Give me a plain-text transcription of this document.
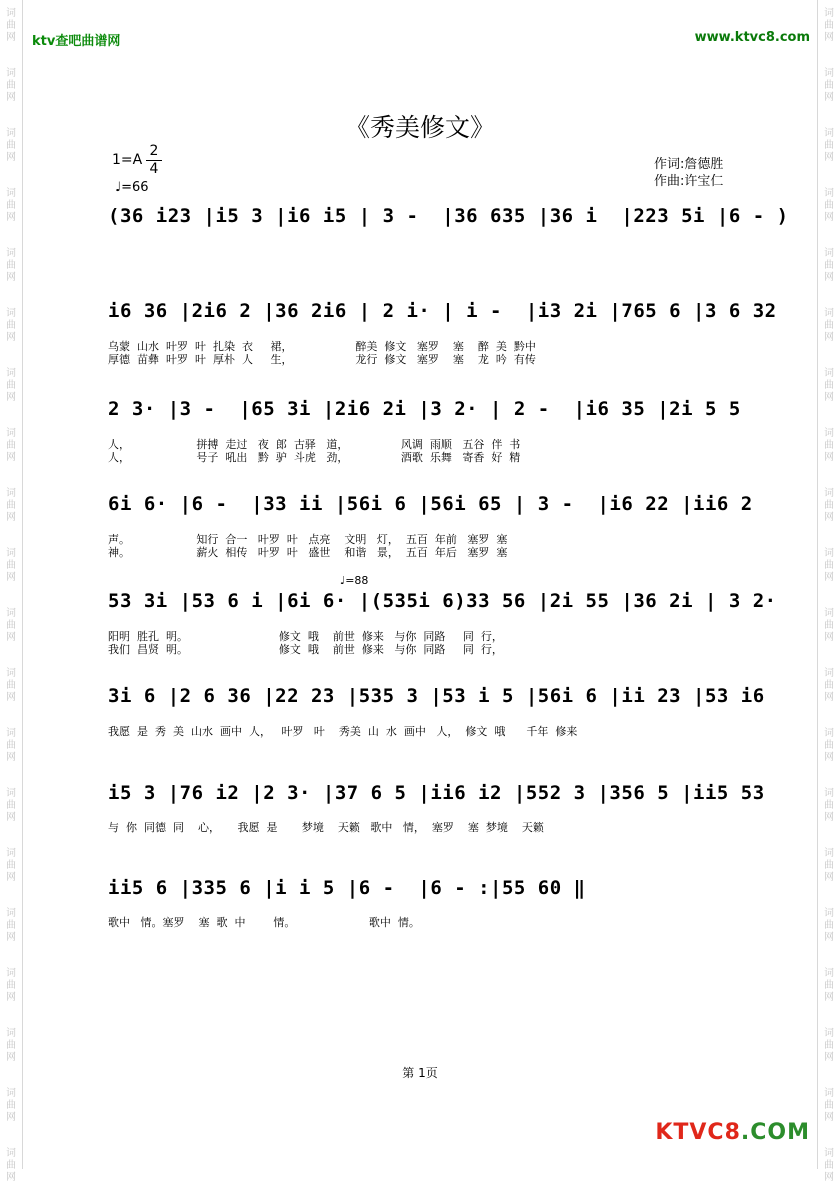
词曲网
词曲网
词曲网
词曲网
词曲网
词曲网
词曲网
词曲网
词曲网
词曲网
词曲网
词曲网
词曲网
词曲网
词曲网
词曲网
词曲网
词曲网
词曲网
词曲网
词曲网
词曲网
词曲网
词曲网
词曲网
词曲网
词曲网
词曲网
词曲网
词曲网
词曲网
词曲网
词曲网
词曲网
词曲网
词曲网
词曲网
词曲网
词曲网
词曲网
ktv查吧曲谱网	www.ktvc8.com
《秀美修文》
1=A
2
4
♩=66
作词:詹德胜
作曲:许宝仁
(36 i23 |i5 3 |i6 i5 | 3 -  |36 635 |36 i  |223 5i |6 - )
i6 36 |2i6 2 |36 2i6 | 2 i· | i -  |i3 2i |765 6 |3 6 32
乌蒙  山水  叶罗  叶  扎染  衣     裙，                  醉美  修文   塞罗    塞    醉  美  黔中
厚德  苗彝  叶罗  叶  厚朴  人     生，                  龙行  修文   塞罗    塞    龙  吟  有传
2 3· |3 -  |65 3i |2i6 2i |3 2· | 2 -  |i6 35 |2i 5 5
人，                   拼搏  走过   夜  郎  古驿   道，               风调  雨顺   五谷  伴  书
人，                   号子  吼出   黔  驴  斗虎   劲，               酒歌  乐舞   寄香  好  精
6i 6· |6 -  |33 ii |56i 6 |56i 65 | 3 -  |i6 22 |ii6 2
声。                   知行  合一   叶罗  叶   点亮    文明   灯，  五百  年前   塞罗  塞
神。                   薪火  相传   叶罗  叶   盛世    和谐   景，  五百  年后   塞罗  塞
♩=88
53 3i |53 6 i |6i 6· |(535i 6)33 56 |2i 55 |36 2i | 3 2·
阳明  胜孔  明。                          修文  哦    前世  修来   与你  同路     同  行，
我们  昌贤  明。                          修文  哦    前世  修来   与你  同路     同  行，
3i 6 |2 6 36 |22 23 |535 3 |53 i 5 |56i 6 |ii 23 |53 i6
我愿  是  秀  美  山水  画中  人，   叶罗   叶    秀美  山  水  画中   人，  修文  哦      千年  修来
i5 3 |76 i2 |2 3· |37 6 5 |ii6 i2 |552 3 |356 5 |ii5 53
与  你  同德  同    心，     我愿  是       梦境    天籁   歌中   情，  塞罗    塞  梦境    天籁
ii5 6 |335 6 |i i 5 |6 -  |6 - :|55 60 ‖
歌中   情。塞罗    塞  歌  中        情。                     歌中  情。
第 1页
KTVC8.COM
